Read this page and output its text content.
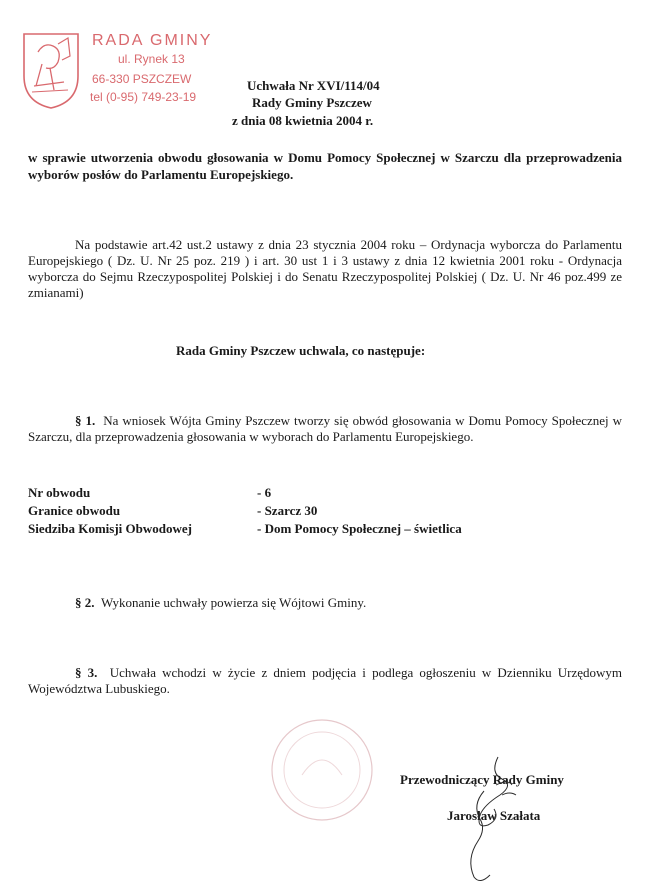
RADA GMINY
ul. Rynek 13
66-330 PSZCZEW
tel (0-95) 749-23-19
Uchwała Nr XVI/114/04
Rady Gminy Pszczew
z dnia 08 kwietnia 2004 r.

w sprawie utworzenia obwodu głosowania w Domu Pomocy Społecznej w Szarczu dla przeprowadzenia wyborów posłów do Parlamentu Europejskiego.

Na podstawie art.42 ust.2 ustawy z dnia 23 stycznia 2004 roku – Ordynacja wyborcza do Parlamentu Europejskiego ( Dz. U. Nr 25 poz. 219 ) i art. 30 ust 1 i 3 ustawy z dnia 12 kwietnia 2001 roku - Ordynacja wyborcza do Sejmu Rzeczypospolitej Polskiej i do Senatu Rzeczypospolitej Polskiej ( Dz. U. Nr 46 poz.499 ze zmianami)

Rada Gminy Pszczew uchwala, co następuje:

§ 1. Na wniosek Wójta Gminy Pszczew tworzy się obwód głosowania w Domu Pomocy Społecznej w Szarczu, dla przeprowadzenia głosowania w wyborach do Parlamentu Europejskiego.

Nr obwodu	- 6
Granice obwodu	- Szarcz 30
Siedziba Komisji Obwodowej	- Dom Pomocy Społecznej – świetlica

§ 2. Wykonanie uchwały powierza się Wójtowi Gminy.

§ 3. Uchwała wchodzi w życie z dniem podjęcia i podlega ogłoszeniu w Dzienniku Urzędowym Województwa Lubuskiego.

Przewodniczący Rady Gminy
Jarosław Szałata
